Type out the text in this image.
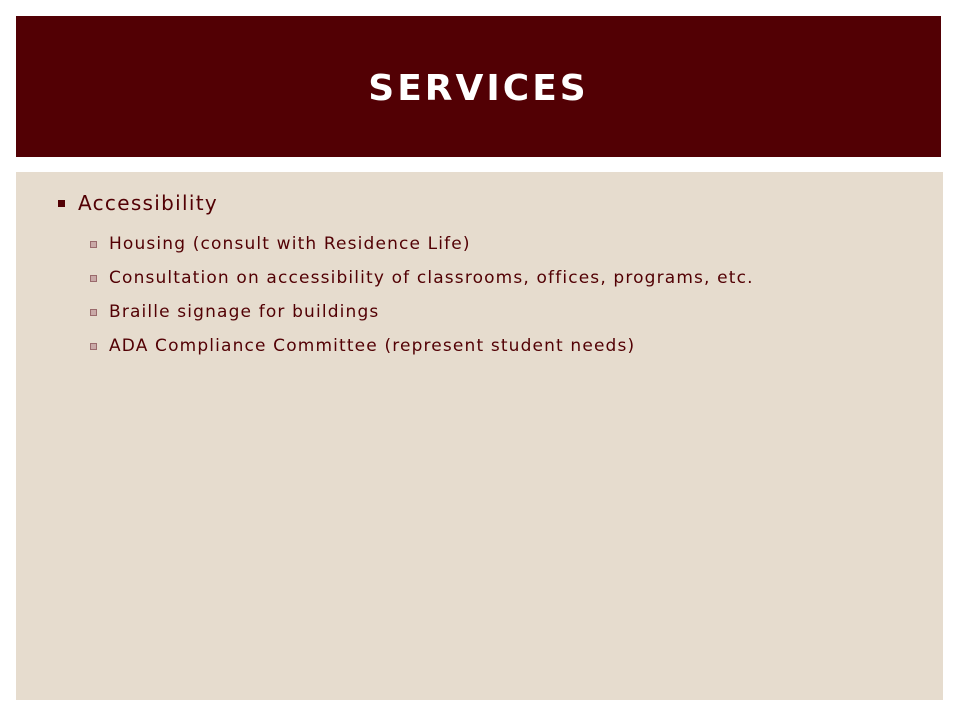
SERVICES
Accessibility
Housing (consult with Residence Life)
Consultation on accessibility of classrooms, offices, programs, etc.
Braille signage for buildings
ADA Compliance Committee (represent student needs)
